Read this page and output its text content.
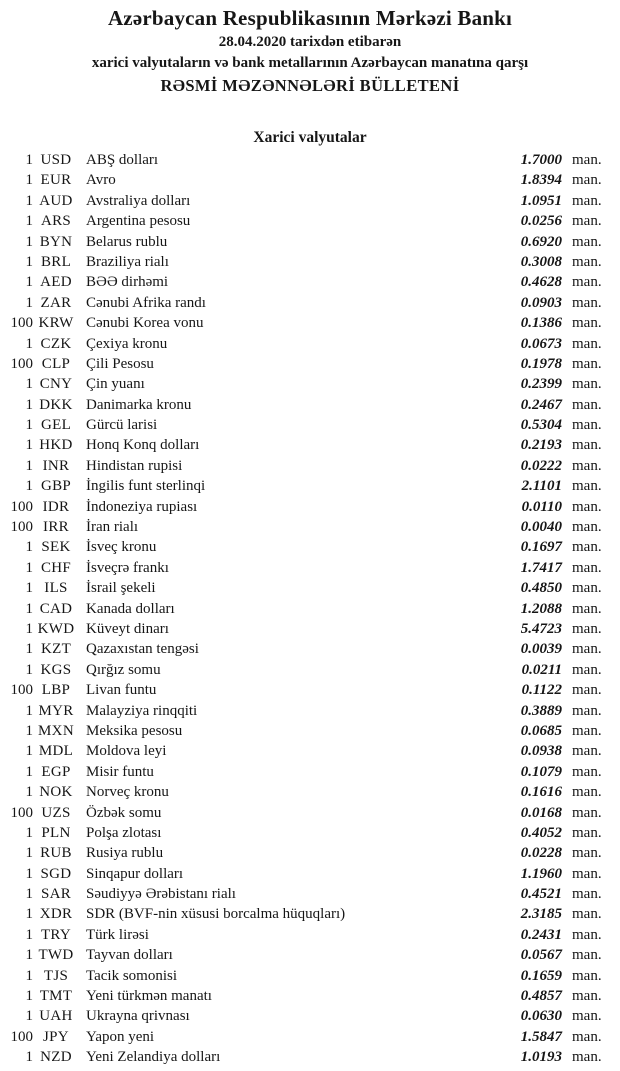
Azərbaycan Respublikasının Mərkəzi Bankı
28.04.2020 tarixdən etibarən
xarici valyutaların və bank metallarının Azərbaycan manatına qarşı
RƏSMİ MƏZƏNNƏLƏRİ BÜLLETENİ
Xarici valyutalar
1 USD ABŞ dolları	1.7000 man.
1 EUR Avro	1.8394 man.
1 AUD Avstraliya dolları	1.0951 man.
1 ARS Argentina pesosu	0.0256 man.
1 BYN Belarus rublu	0.6920 man.
1 BRL Braziliya rialı	0.3008 man.
1 AED BƏƏ dirhəmi	0.4628 man.
1 ZAR Cənubi Afrika randı	0.0903 man.
100 KRW Cənubi Korea vonu	0.1386 man.
1 CZK Çexiya kronu	0.0673 man.
100 CLP	Çili Pesosu	0.1978 man.
1 CNY Çin yuanı	0.2399 man.
1 DKK Danimarka kronu	0.2467 man.
1 GEL Gürcü larisi	0.5304 man.
1 HKD Honq Konq dolları	0.2193 man.
1 INR	Hindistan rupisi	0.0222 man.
1 GBP İngilis funt sterlinqi	2.1101 man.
100 IDR	İndoneziya rupiası	0.0110 man.
100 IRR	İran rialı	0.0040 man.
1 SEK	İsveç kronu	0.1697 man.
1 CHF İsveçrə frankı	1.7417 man.
1 ILS	İsrail şekeli	0.4850 man.
1 CAD Kanada dolları	1.2088 man.
1 KWD Küveyt dinarı	5.4723 man.
1 KZT Qazaxıstan tengəsi	0.0039 man.
1 KGS Qırğız somu	0.0211 man.
100 LBP	Livan funtu	0.1122 man.
1 MYR Malayziya rinqqiti	0.3889 man.
1 MXN Meksika pesosu	0.0685 man.
1 MDL Moldova leyi	0.0938 man.
1 EGP	Misir funtu	0.1079 man.
1 NOK Norveç kronu	0.1616 man.
100 UZS	Özbək somu	0.0168 man.
1 PLN	Polşa zlotası	0.4052 man.
1 RUB Rusiya rublu	0.0228 man.
1 SGD Sinqapur dolları	1.1960 man.
1 SAR Səudiyyə Ərəbistanı rialı	0.4521 man.
1 XDR SDR (BVF-nin xüsusi borcalma hüquqları)	2.3185 man.
1 TRY Türk lirəsi	0.2431 man.
1 TWD Tayvan dolları	0.0567 man.
1 TJS	Tacik somonisi	0.1659 man.
1 TMT Yeni türkmən manatı	0.4857 man.
1 UAH Ukrayna qrivnası	0.0630 man.
100 JPY	Yapon yeni	1.5847 man.
1 NZD Yeni Zelandiya dolları	1.0193 man.
